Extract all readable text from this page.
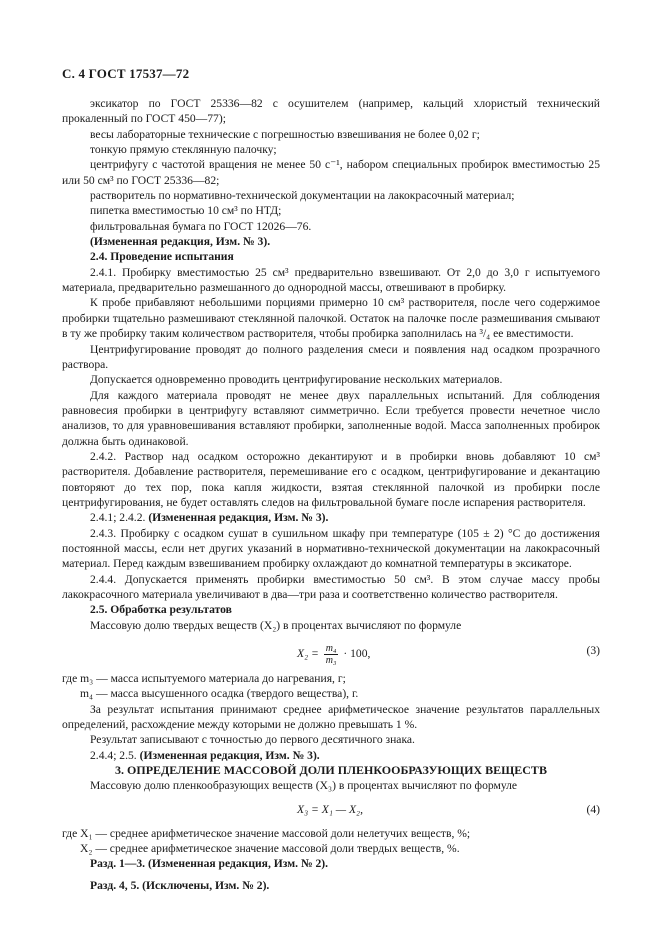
С. 4 ГОСТ 17537—72

эксикатор по ГОСТ 25336—82 с осушителем (например, кальций хлористый технический прокаленный по ГОСТ 450—77);

весы лабораторные технические с погрешностью взвешивания не более 0,02 г;

тонкую прямую стеклянную палочку;

центрифугу с частотой вращения не менее 50 с⁻¹, набором специальных пробирок вместимостью 25 или 50 см³ по ГОСТ 25336—82;

растворитель по нормативно-технической документации на лакокрасочный материал;

пипетка вместимостью 10 см³ по НТД;

фильтровальная бумага по ГОСТ 12026—76.

(Измененная редакция, Изм. № 3).

2.4. Проведение испытания

2.4.1. Пробирку вместимостью 25 см³ предварительно взвешивают. От 2,0 до 3,0 г испытуемого материала, предварительно размешанного до однородной массы, отвешивают в пробирку.

К пробе прибавляют небольшими порциями примерно 10 см³ растворителя, после чего содержимое пробирки тщательно размешивают стеклянной палочкой. Остаток на палочке после размешивания смывают в ту же пробирку таким количеством растворителя, чтобы пробирка заполнилась на ³/₄ ее вместимости.

Центрифугирование проводят до полного разделения смеси и появления над осадком прозрачного раствора.

Допускается одновременно проводить центрифугирование нескольких материалов.

Для каждого материала проводят не менее двух параллельных испытаний. Для соблюдения равновесия пробирки в центрифугу вставляют симметрично. Если требуется провести нечетное число анализов, то для уравновешивания вставляют пробирки, заполненные водой. Масса заполненных пробирок должна быть одинаковой.

2.4.2. Раствор над осадком осторожно декантируют и в пробирки вновь добавляют 10 см³ растворителя. Добавление растворителя, перемешивание его с осадком, центрифугирование и декантацию повторяют до тех пор, пока капля жидкости, взятая стеклянной палочкой из пробирки после центрифугирования, не будет оставлять следов на фильтровальной бумаге после испарения растворителя.

2.4.1; 2.4.2. (Измененная редакция, Изм. № 3).

2.4.3. Пробирку с осадком сушат в сушильном шкафу при температуре (105 ± 2) °С до достижения постоянной массы, если нет других указаний в нормативно-технической документации на лакокрасочный материал. Перед каждым взвешиванием пробирку охлаждают до комнатной температуры в эксикаторе.

2.4.4. Допускается применять пробирки вместимостью 50 см³. В этом случае массу пробы лакокрасочного материала увеличивают в два—три раза и соответственно количество растворителя.

2.5. Обработка результатов

Массовую долю твердых веществ (X₂) в процентах вычисляют по формуле

$X_2 = \frac{\text{m₄}}{\text{m₃}} \cdot 100$,	(3)

где m₃ — масса испытуемого материала до нагревания, г;

m₄ — масса высушенного осадка (твердого вещества), г.

За результат испытания принимают среднее арифметическое значение результатов параллельных определений, расхождение между которыми не должно превышать 1 %.

Результат записывают с точностью до первого десятичного знака.

2.4.4; 2.5. (Измененная редакция, Изм. № 3).

3. ОПРЕДЕЛЕНИЕ МАССОВОЙ ДОЛИ ПЛЕНКООБРАЗУЮЩИХ ВЕЩЕСТВ

Массовую долю пленкообразующих веществ (X₃) в процентах вычисляют по формуле

X₃ = X₁ — X₂,	(4)

где X₁ — среднее арифметическое значение массовой доли нелетучих веществ, %;

X₂ — среднее арифметическое значение массовой доли твердых веществ, %.

Разд. 1—3. (Измененная редакция, Изм. № 2).

Разд. 4, 5. (Исключены, Изм. № 2).
